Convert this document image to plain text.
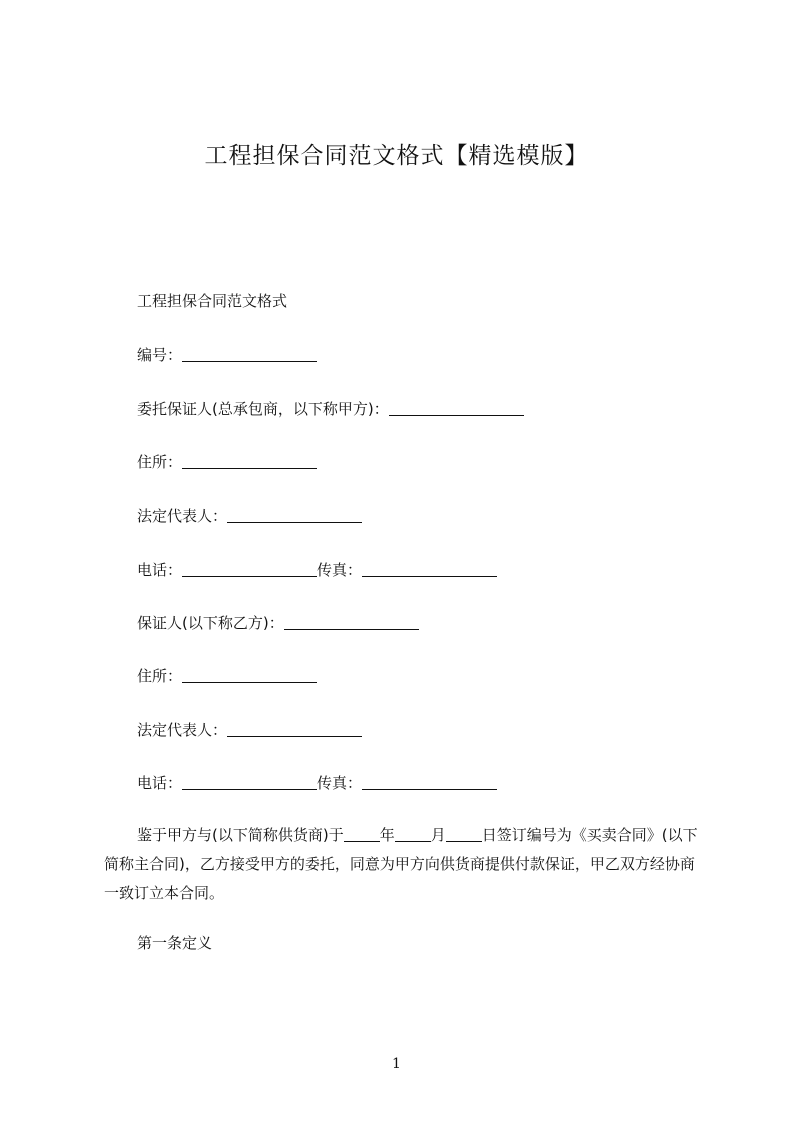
工程担保合同范文格式【精选模版】
工程担保合同范文格式
编号：
委托保证人(总承包商，以下称甲方)：
住所：
法定代表人：
电话：	传真：
保证人(以下称乙方)：
住所：
法定代表人：
电话：	传真：
鉴于甲方与(以下简称供货商)于 年 月 日签订编号为《买卖合同》(以下简称主合同)，乙方接受甲方的委托，同意为甲方向供货商提供付款保证，甲乙双方经协商一致订立本合同。
第一条定义
1
